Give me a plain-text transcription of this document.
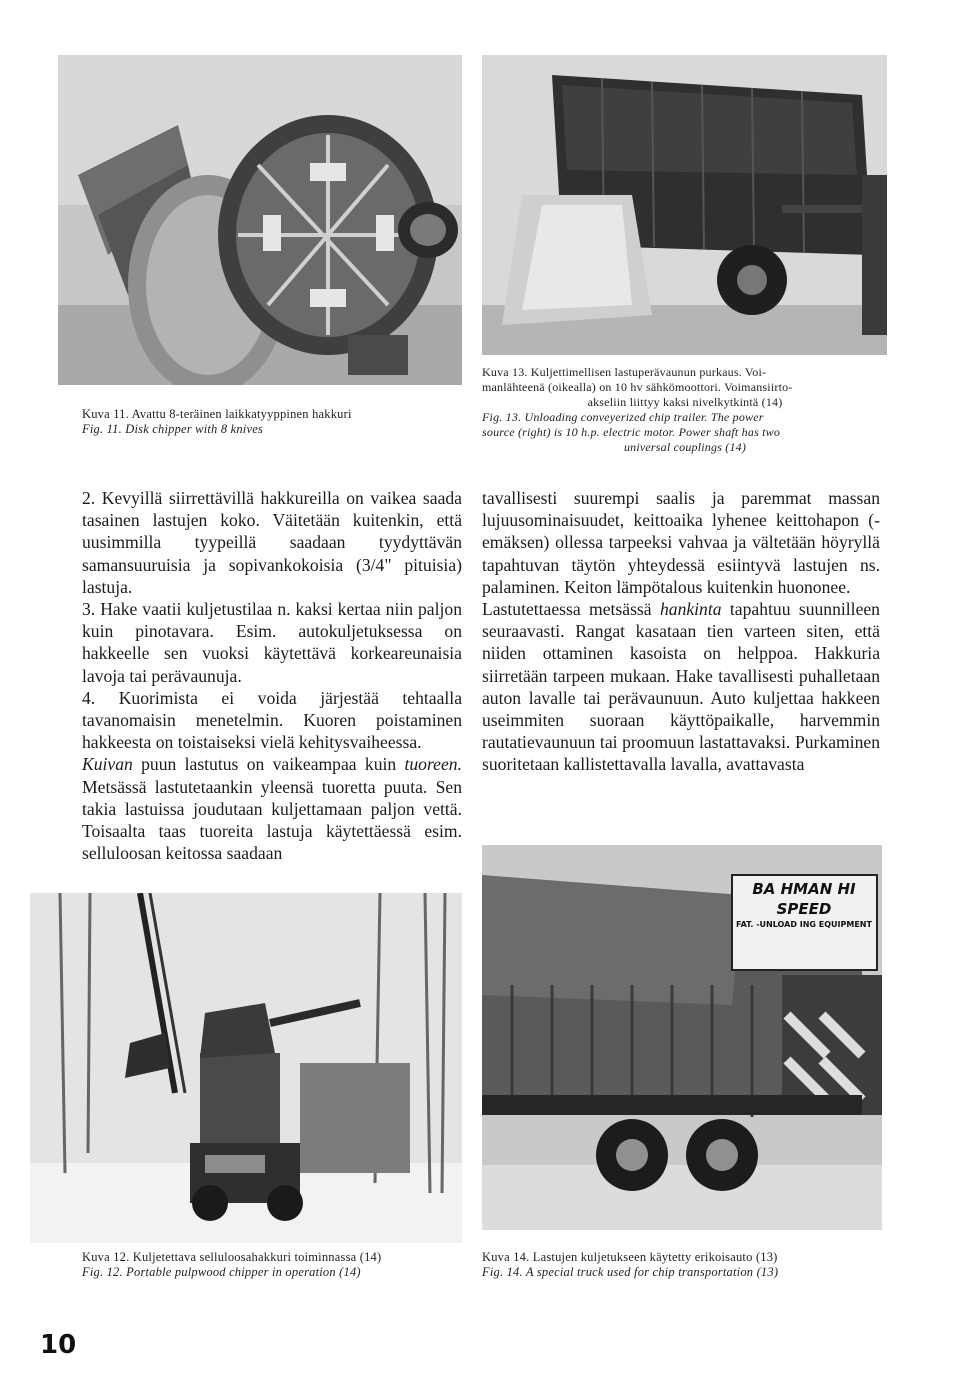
Kuva 11. Avattu 8-teräinen laikkatyyppinen hakkuri
Fig. 11. Disk chipper with 8 knives
Kuva 13. Kuljettimellisen lastuperävaunun purkaus. Voi-
manlähteenä (oikealla) on 10 hv sähkömoottori. Voimansiirto-
akseliin liittyy kaksi nivelkytkintä (14)
Fig. 13. Unloading conveyerized chip trailer. The power
source (right) is 10 h.p. electric motor. Power shaft has two
universal couplings (14)

2. Kevyillä siirrettävillä hakkureilla on vaikea saada tasainen lastujen koko. Väitetään kuitenkin, että uusimmilla tyypeillä saadaan tyydyttävän samansuuruisia ja sopivankokoisia (3/4" pituisia) lastuja.

3. Hake vaatii kuljetustilaa n. kaksi kertaa niin paljon kuin pinotavara. Esim. autokuljetuksessa on hakkeelle sen vuoksi käytettävä korkeareunaisia lavoja tai perävaunuja.

4. Kuorimista ei voida järjestää tehtaalla tavanomaisin menetelmin. Kuoren poistaminen hakkeesta on toistaiseksi vielä kehitysvaiheessa.
Kuivan puun lastutus on vaikeampaa kuin tuoreen. Metsässä lastutetaankin yleensä tuoretta puuta. Sen takia lastuissa joudutaan kuljettamaan paljon vettä. Toisaalta taas tuoreita lastuja käytettäessä esim. selluloosan keitossa saadaan

tavallisesti suurempi saalis ja paremmat massan lujuusominaisuudet, keittoaika lyhenee keittohapon (-emäksen) ollessa tarpeeksi vahvaa ja vältetään höyryllä tapahtuvan täytön yhteydessä esiintyvä lastujen ns. palaminen. Keiton lämpötalous kuitenkin huononee.

Lastutettaessa metsässä hankinta tapahtuu suunnilleen seuraavasti. Rangat kasataan tien varteen siten, että niiden ottaminen kasoista on helppoa. Hakkuria siirretään tarpeen mukaan. Hake tavallisesti puhalletaan auton lavalle tai perävaunuun. Auto kuljettaa hakkeen useimmiten suoraan käyttöpaikalle, harvemmin rautatievaunuun tai proomuun lastattavaksi. Purkaminen suoritetaan kallistettavalla lavalla, avattavasta

Kuva 12. Kuljetettava selluloosahakkuri toiminnassa (14)
Fig. 12. Portable pulpwood chipper in operation (14)
BA HMAN HI SPEED
FAT. -UNLOAD ING EQUIPMENT
Kuva 14. Lastujen kuljetukseen käytetty erikoisauto (13)
Fig. 14. A special truck used for chip transportation (13)
10
